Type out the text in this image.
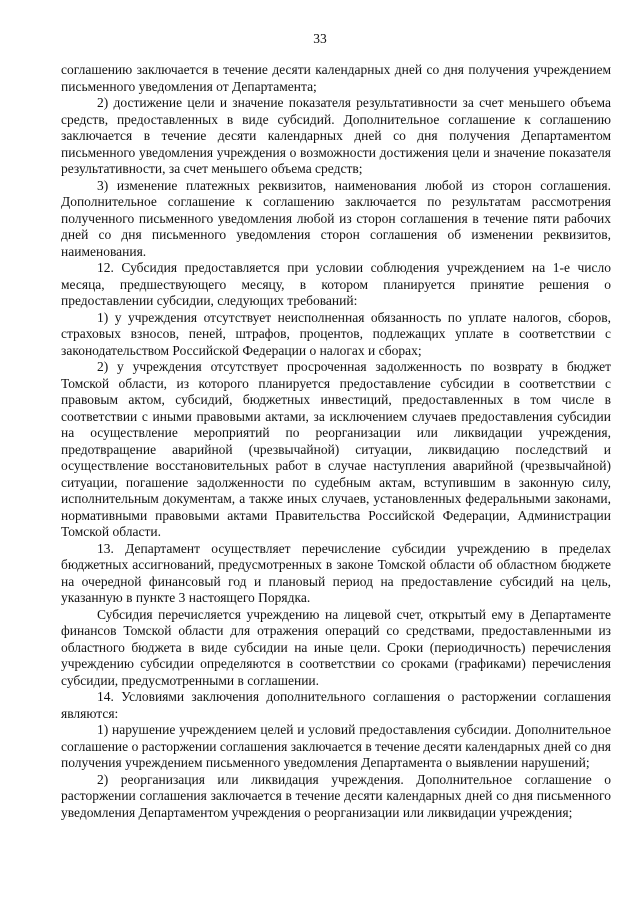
33

соглашению заключается в течение десяти календарных дней со дня получения учреждением письменного уведомления от Департамента;

2) достижение цели и значение показателя результативности за счет меньшего объема средств, предоставленных в виде субсидий. Дополнительное соглашение к соглашению заключается в течение десяти календарных дней со дня получения Департаментом письменного уведомления учреждения о возможности достижения цели и значение показателя результативности, за счет меньшего объема средств;

3) изменение платежных реквизитов, наименования любой из сторон соглашения. Дополнительное соглашение к соглашению заключается по результатам рассмотрения полученного письменного уведомления любой из сторон соглашения в течение пяти рабочих дней со дня письменного уведомления сторон соглашения об изменении реквизитов, наименования.

12. Субсидия предоставляется при условии соблюдения учреждением на 1-е число месяца, предшествующего месяцу, в котором планируется принятие решения о предоставлении субсидии, следующих требований:

1) у учреждения отсутствует неисполненная обязанность по уплате налогов, сборов, страховых взносов, пеней, штрафов, процентов, подлежащих уплате в соответствии с законодательством Российской Федерации о налогах и сборах;

2) у учреждения отсутствует просроченная задолженность по возврату в бюджет Томской области, из которого планируется предоставление субсидии в соответствии с правовым актом, субсидий, бюджетных инвестиций, предоставленных в том числе в соответствии с иными правовыми актами, за исключением случаев предоставления субсидии на осуществление мероприятий по реорганизации или ликвидации учреждения, предотвращение аварийной (чрезвычайной) ситуации, ликвидацию последствий и осуществление восстановительных работ в случае наступления аварийной (чрезвычайной) ситуации, погашение задолженности по судебным актам, вступившим в законную силу, исполнительным документам, а также иных случаев, установленных федеральными законами, нормативными правовыми актами Правительства Российской Федерации, Администрации Томской области.

13. Департамент осуществляет перечисление субсидии учреждению в пределах бюджетных ассигнований, предусмотренных в законе Томской области об областном бюджете на очередной финансовый год и плановый период на предоставление субсидий на цель, указанную в пункте 3 настоящего Порядка.

Субсидия перечисляется учреждению на лицевой счет, открытый ему в Департаменте финансов Томской области для отражения операций со средствами, предоставленными из областного бюджета в виде субсидии на иные цели. Сроки (периодичность) перечисления учреждению субсидии определяются в соответствии со сроками (графиками) перечисления субсидии, предусмотренными в соглашении.

14. Условиями заключения дополнительного соглашения о расторжении соглашения являются:

1) нарушение учреждением целей и условий предоставления субсидии. Дополнительное соглашение о расторжении соглашения заключается в течение десяти календарных дней со дня получения учреждением письменного уведомления Департамента о выявлении нарушений;

2) реорганизация или ликвидация учреждения. Дополнительное соглашение о расторжении соглашения заключается в течение десяти календарных дней со дня письменного уведомления Департаментом учреждения о реорганизации или ликвидации учреждения;
